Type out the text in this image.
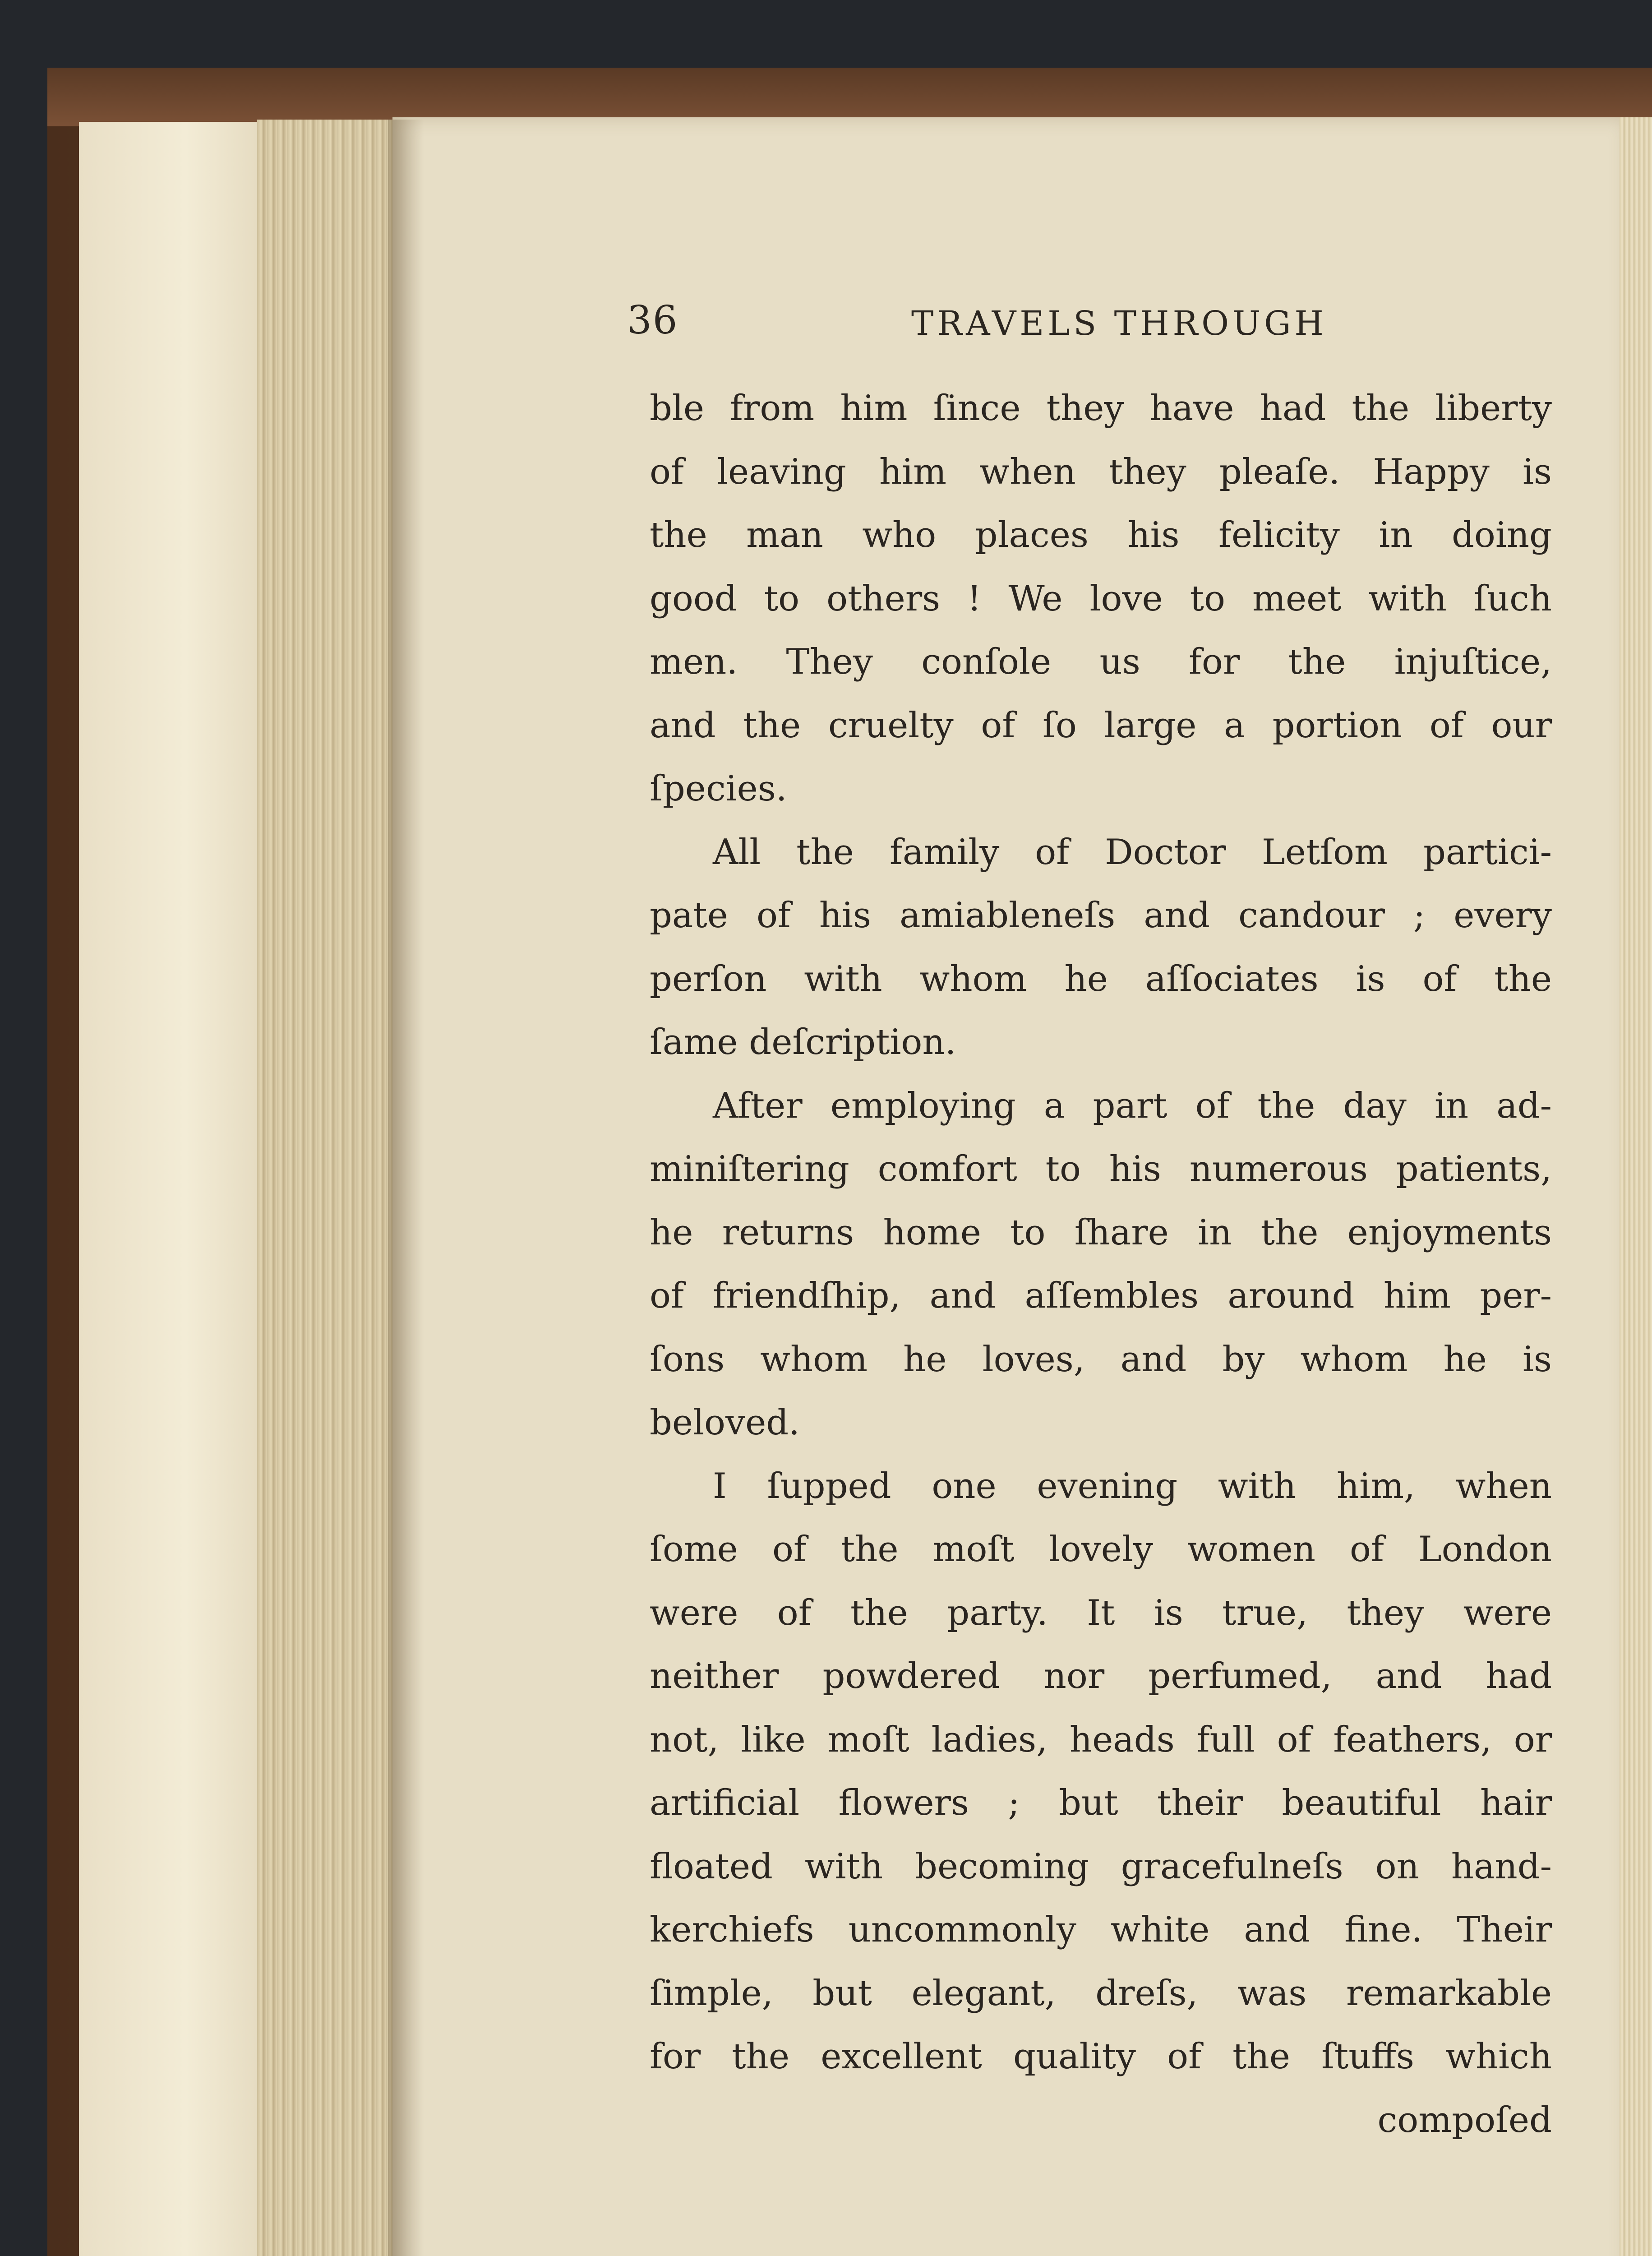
36	TRAVELS THROUGH
ble from him ſince they have had the liberty
of leaving him when they pleaſe. Happy is
the man who places his felicity in doing
good to others ! We love to meet with ſuch
men. They conſole us for the injuſtice,
and the cruelty of ſo large a portion of our
ſpecies.
All the family of Doctor Letſom partici-
pate of his amiableneſs and candour ; every
perſon with whom he aſſociates is of the
ſame deſcription.
After employing a part of the day in ad-
miniſtering comfort to his numerous patients,
he returns home to ſhare in the enjoyments
of friendſhip, and aſſembles around him per-
ſons whom he loves, and by whom he is
beloved.
I ſupped one evening with him, when
ſome of the moſt lovely women of London
were of the party. It is true, they were
neither powdered nor perfumed, and had
not, like moſt ladies, heads full of feathers, or
artificial flowers ; but their beautiful hair
floated with becoming gracefulneſs on hand-
kerchiefs uncommonly white and fine. Their
ſimple, but elegant, dreſs, was remarkable
for the excellent quality of the ſtuffs which
compoſed
